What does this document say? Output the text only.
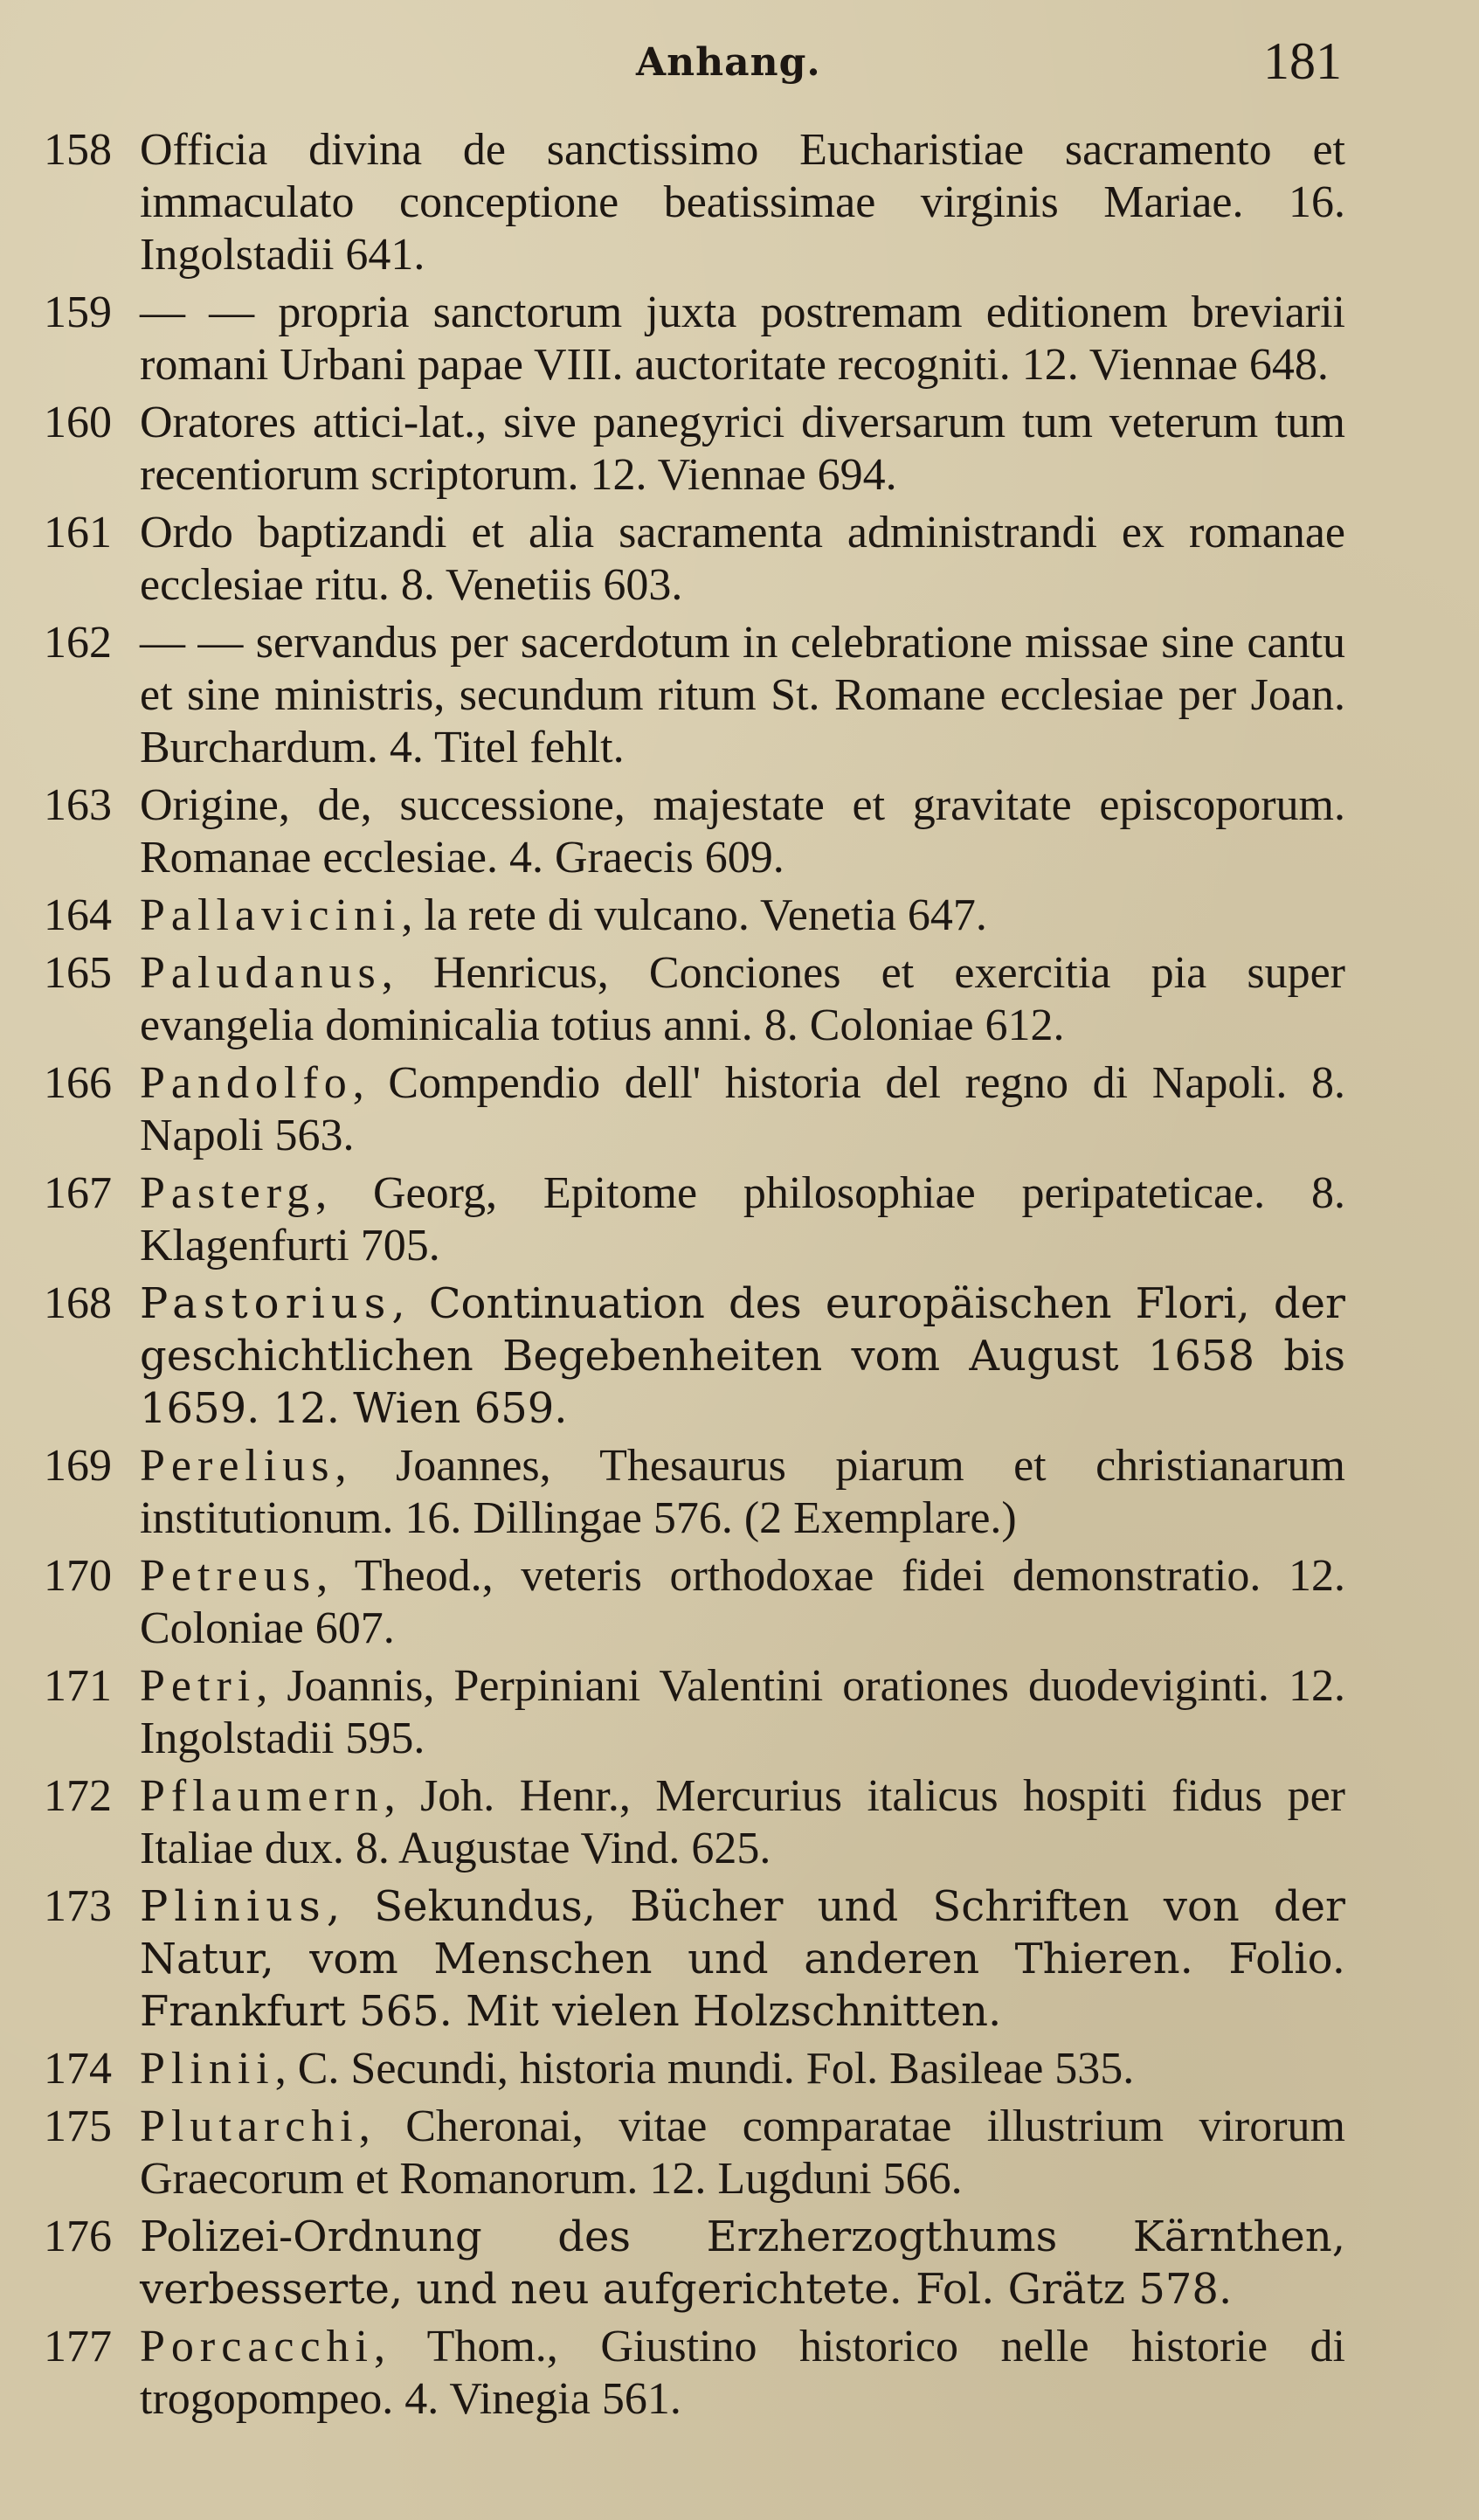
Anhang.	181
158 Officia divina de sanctissimo Eucharistiae sacramento et immaculato conceptione beatissimae virginis Mariae. 16. Ingolstadii 641.
159 — — propria sanctorum juxta postremam editionem breviarii romani Urbani papae VIII. auctoritate recogniti. 12. Viennae 648.
160 Oratores attici-lat., sive panegyrici diversarum tum veterum tum recentiorum scriptorum. 12. Viennae 694.
161 Ordo baptizandi et alia sacramenta administrandi ex romanae ecclesiae ritu. 8. Venetiis 603.
162 — — servandus per sacerdotum in celebratione missae sine cantu et sine ministris, secundum ritum St. Romane ecclesiae per Joan. Burchardum. 4. Titel fehlt.
163 Origine, de, successione, majestate et gravitate episcoporum. Romanae ecclesiae. 4. Graecis 609.
164 Pallavicini, la rete di vulcano. Venetia 647.
165 Paludanus, Henricus, Conciones et exercitia pia super evangelia dominicalia totius anni. 8. Coloniae 612.
166 Pandolfo, Compendio dell' historia del regno di Napoli. 8. Napoli 563.
167 Pasterg, Georg, Epitome philosophiae peripateticae. 8. Klagenfurti 705.
168 Pastorius, Continuation des europäischen Flori, der geschichtlichen Begebenheiten vom August 1658 bis 1659. 12. Wien 659.
169 Perelius, Joannes, Thesaurus piarum et christianarum institutionum. 16. Dillingae 576. (2 Exemplare.)
170 Petreus, Theod., veteris orthodoxae fidei demonstratio. 12. Coloniae 607.
171 Petri, Joannis, Perpiniani Valentini orationes duodeviginti. 12. Ingolstadii 595.
172 Pflaumern, Joh. Henr., Mercurius italicus hospiti fidus per Italiae dux. 8. Augustae Vind. 625.
173 Plinius, Sekundus, Bücher und Schriften von der Natur, vom Menschen und anderen Thieren. Folio. Frankfurt 565. Mit vielen Holzschnitten.
174 Plinii, C. Secundi, historia mundi. Fol. Basileae 535.
175 Plutarchi, Cheronai, vitae comparatae illustrium virorum Graecorum et Romanorum. 12. Lugduni 566.
176 Polizei-Ordnung des Erzherzogthums Kärnthen, verbesserte, und neu aufgerichtete. Fol. Grätz 578.
177 Porcacchi, Thom., Giustino historico nelle historie di trogopompeo. 4. Vinegia 561.
